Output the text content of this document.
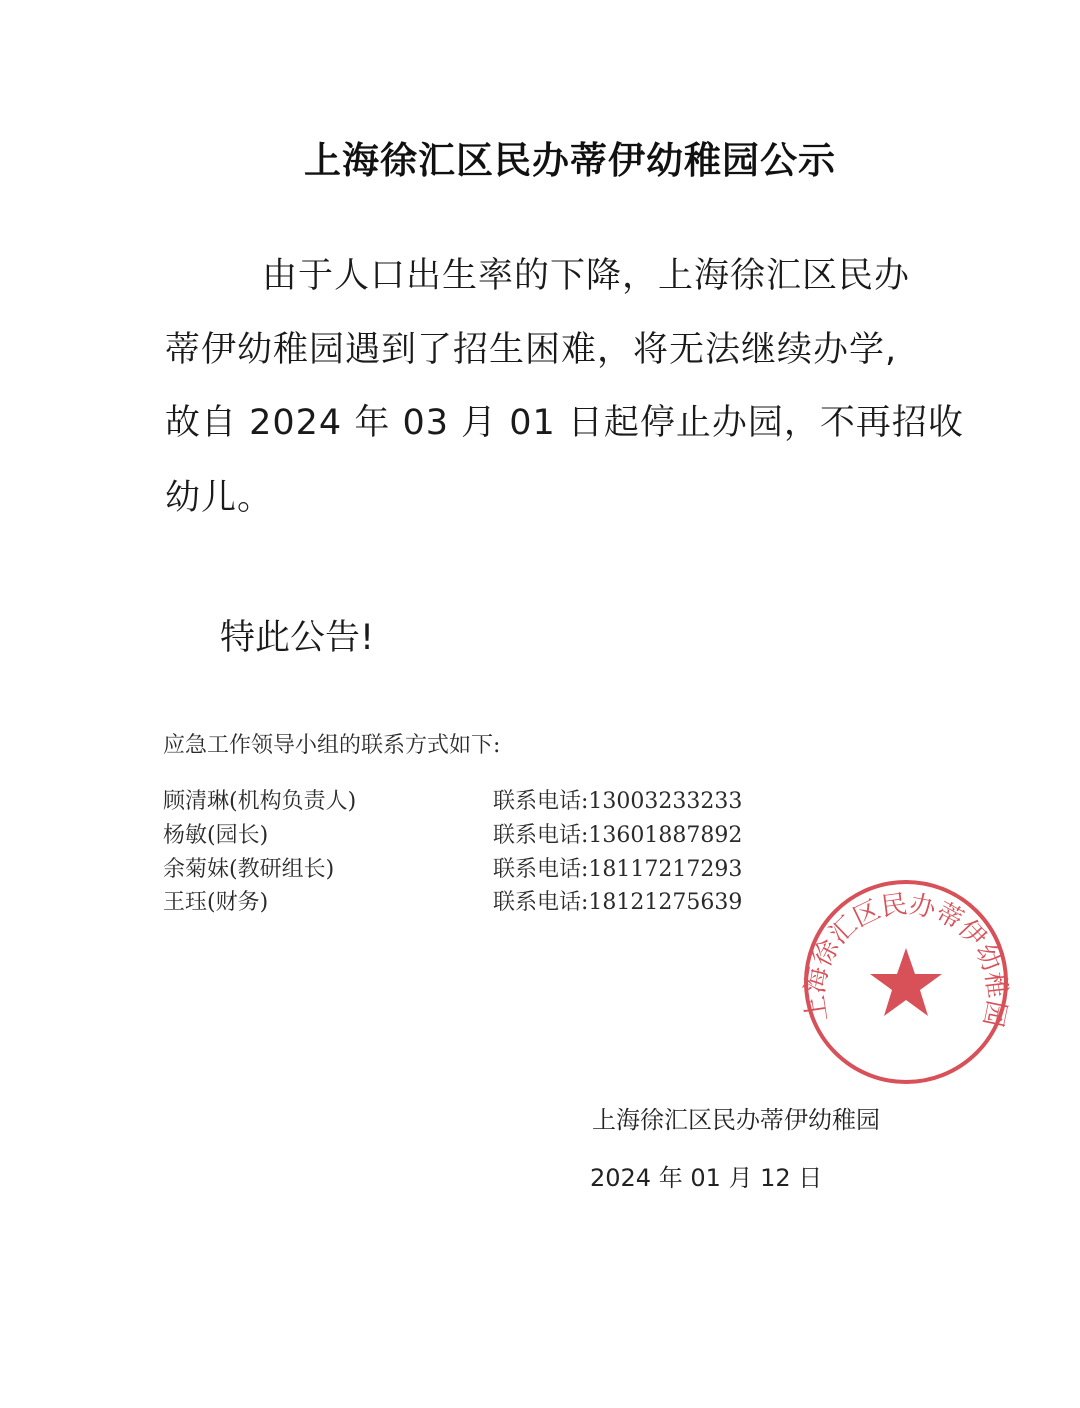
上海徐汇区民办蒂伊幼稚园公示
由于人口出生率的下降，上海徐汇区民办
蒂伊幼稚园遇到了招生困难，将无法继续办学,
故自 2024 年 03 月 01 日起停止办园，不再招收
幼儿。
特此公告!
应急工作领导小组的联系方式如下:
顾清琳(机构负责人)	联系电话:13003233233
杨敏(园长)	联系电话:13601887892
余菊妹(教研组长)	联系电话:18117217293
王珏(财务)	联系电话:18121275639
上海徐汇区民办蒂伊幼稚园
上海徐汇区民办蒂伊幼稚园
2024 年 01 月 12 日
